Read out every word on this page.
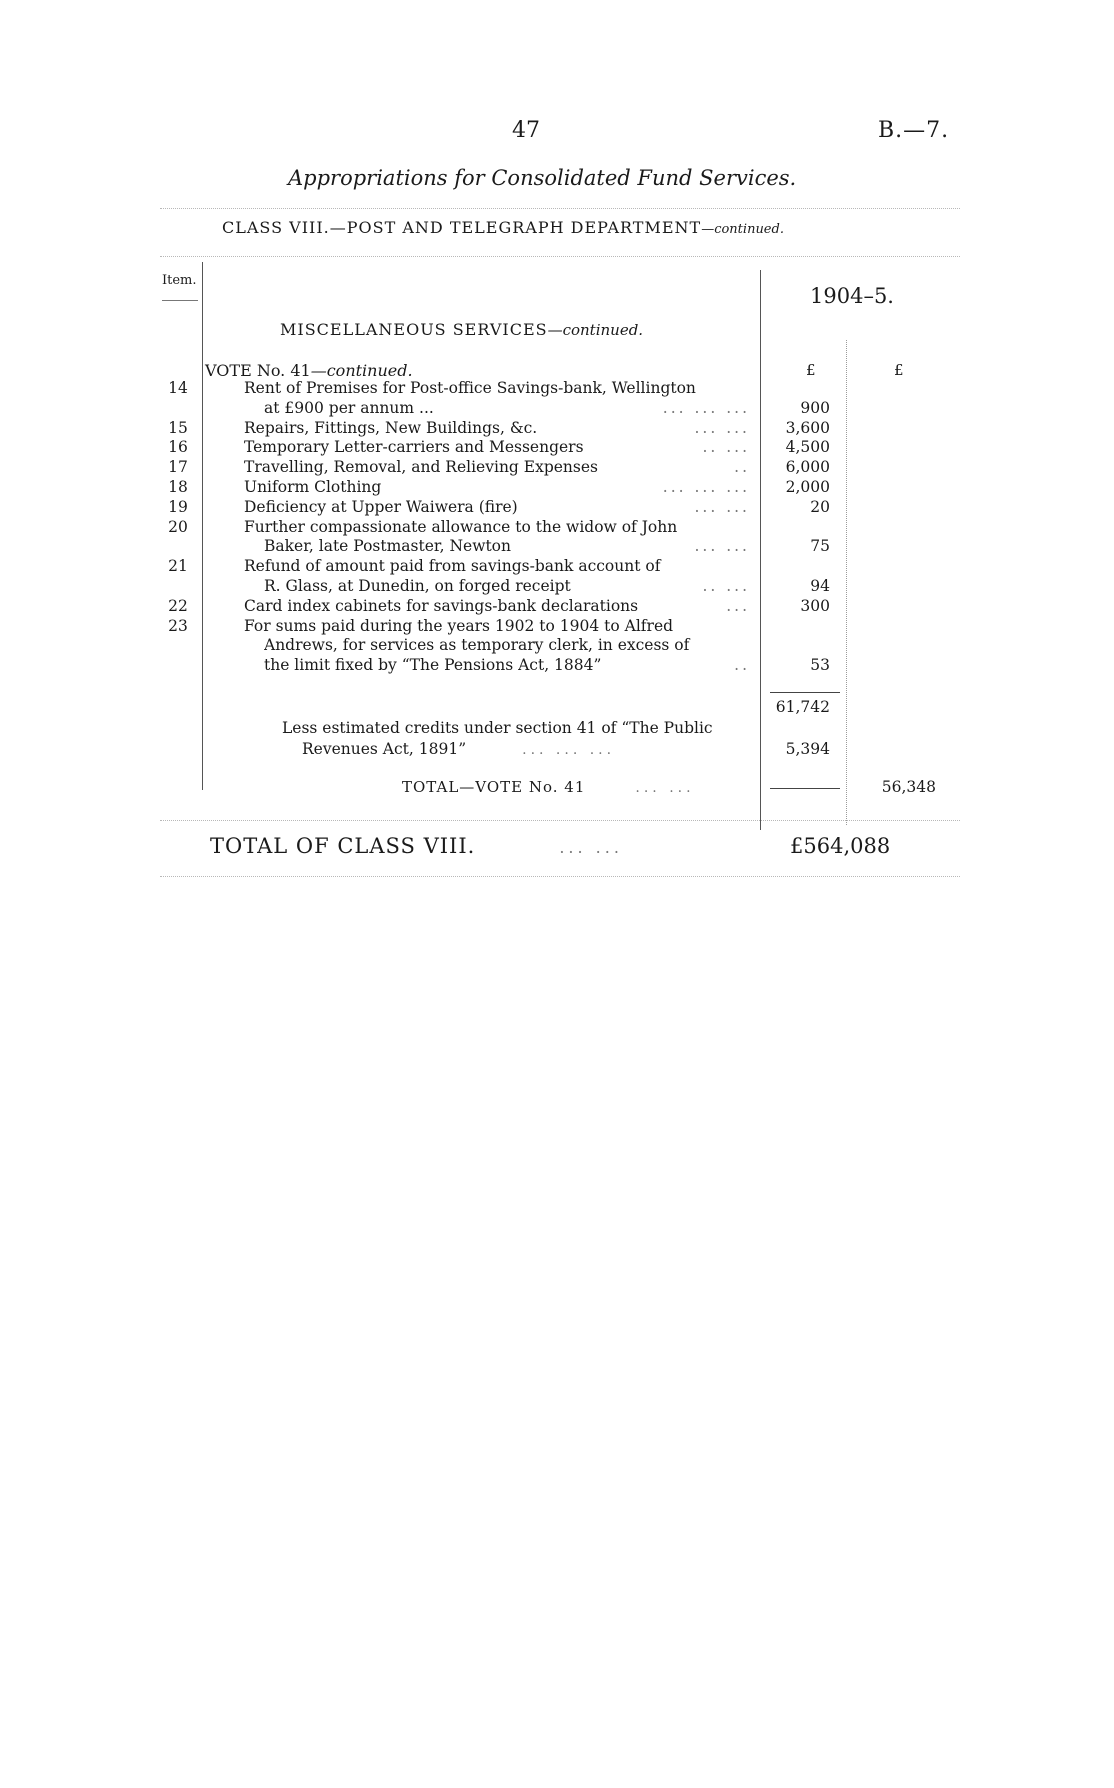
47	B.—7.
Appropriations for Consolidated Fund Services.
CLASS VIII.—POST AND TELEGRAPH DEPARTMENT—continued.
Item.
1904–5.
MISCELLANEOUS SERVICES—continued.
VOTE No. 41—continued.	£	£
14	Rent of Premises for Post-office Savings-bank, Wellington
at £900 per annum ...	... ... ...	900
15	Repairs, Fittings, New Buildings, &c.	... ...	3,600
16	Temporary Letter-carriers and Messengers	.. ...	4,500
17	Travelling, Removal, and Relieving Expenses	..	6,000
18	Uniform Clothing	... ... ...	2,000
19	Deficiency at Upper Waiwera (fire)	... ...	20
20	Further compassionate allowance to the widow of John
Baker, late Postmaster, Newton	... ...	75
21	Refund of amount paid from savings-bank account of
R. Glass, at Dunedin, on forged receipt	.. ...	94
22	Card index cabinets for savings-bank declarations	...	300
23	For sums paid during the years 1902 to 1904 to Alfred
Andrews, for services as temporary clerk, in excess of
the limit fixed by “The Pensions Act, 1884”	..	53
61,742
Less estimated credits under section 41 of “The Public
Revenues Act, 1891”	... ... ...	5,394
TOTAL—VOTE No. 41	... ...	56,348
TOTAL OF CLASS VIII.	... ...	£564,088
